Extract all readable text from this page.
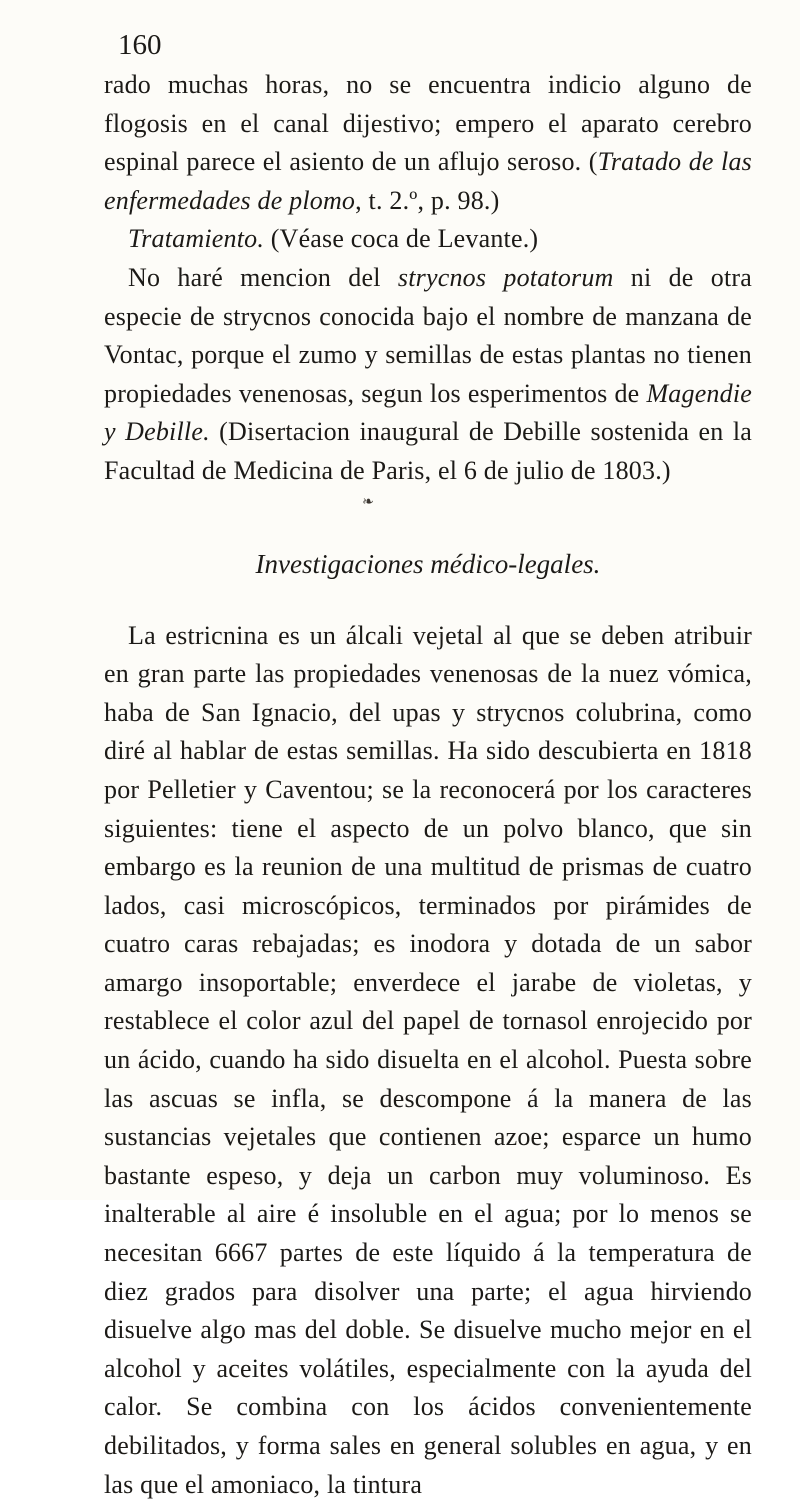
160

rado muchas horas, no se encuentra indicio alguno de flogosis en el canal dijestivo; empero el aparato cerebro espinal parece el asiento de un aflujo seroso. (Tratado de las enfermedades de plomo, t. 2.º, p. 98.)

Tratamiento. (Véase coca de Levante.)

No haré mencion del strycnos potatorum ni de otra especie de strycnos conocida bajo el nombre de manzana de Vontac, porque el zumo y semillas de estas plantas no tienen propiedades venenosas, segun los esperimentos de Magendie y Debille. (Disertacion inaugural de Debille sostenida en la Facultad de Medicina de Paris, el 6 de julio de 1803.)

❧
Investigaciones médico-legales.

La estricnina es un álcali vejetal al que se deben atribuir en gran parte las propiedades venenosas de la nuez vómica, haba de San Ignacio, del upas y strycnos colubrina, como diré al hablar de estas semillas. Ha sido descubierta en 1818 por Pelletier y Caventou; se la reconocerá por los caracteres siguientes: tiene el aspecto de un polvo blanco, que sin embargo es la reunion de una multitud de prismas de cuatro lados, casi microscópicos, terminados por pirámides de cuatro caras rebajadas; es inodora y dotada de un sabor amargo insoportable; enverdece el jarabe de violetas, y restablece el color azul del papel de tornasol enrojecido por un ácido, cuando ha sido disuelta en el alcohol. Puesta sobre las ascuas se infla, se descompone á la manera de las sustancias vejetales que contienen azoe; esparce un humo bastante espeso, y deja un carbon muy voluminoso. Es inalterable al aire é insoluble en el agua; por lo menos se necesitan 6667 partes de este líquido á la temperatura de diez grados para disolver una parte; el agua hirviendo disuelve algo mas del doble. Se disuelve mucho mejor en el alcohol y aceites volátiles, especialmente con la ayuda del calor. Se combina con los ácidos convenientemente debilitados, y forma sales en general solubles en agua, y en las que el amoniaco, la tintura
